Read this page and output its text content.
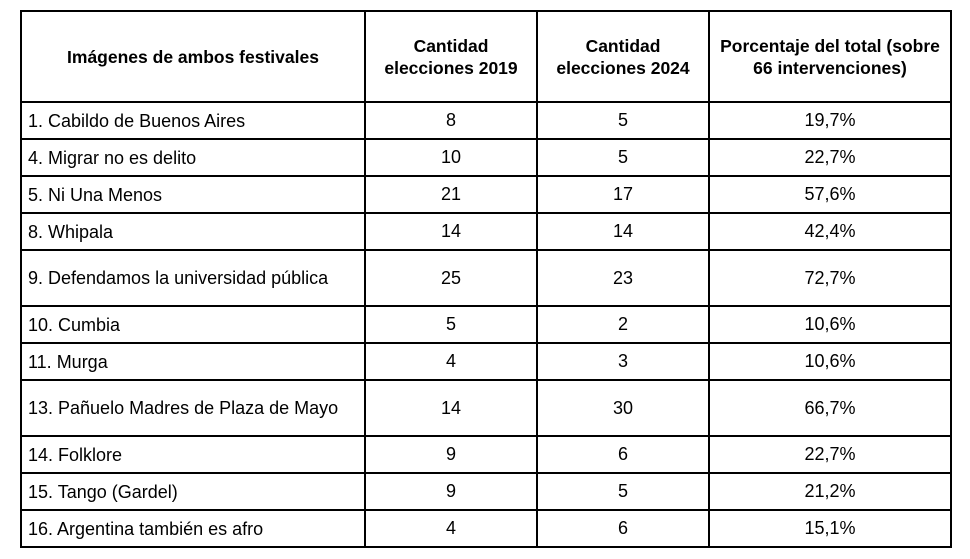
Imágenes de ambos festivales	Cantidad elecciones 2019	Cantidad elecciones 2024	Porcentaje del total (sobre 66 intervenciones)
1. Cabildo de Buenos Aires	8	5	19,7%
4. Migrar no es delito	10	5	22,7%
5. Ni Una Menos	21	17	57,6%
8. Whipala	14	14	42,4%
9. Defendamos la universidad pública	25	23	72,7%
10. Cumbia	5	2	10,6%
11. Murga	4	3	10,6%
13. Pañuelo Madres de Plaza de Mayo	14	30	66,7%
14. Folklore	9	6	22,7%
15. Tango (Gardel)	9	5	21,2%
16. Argentina también es afro	4	6	15,1%
